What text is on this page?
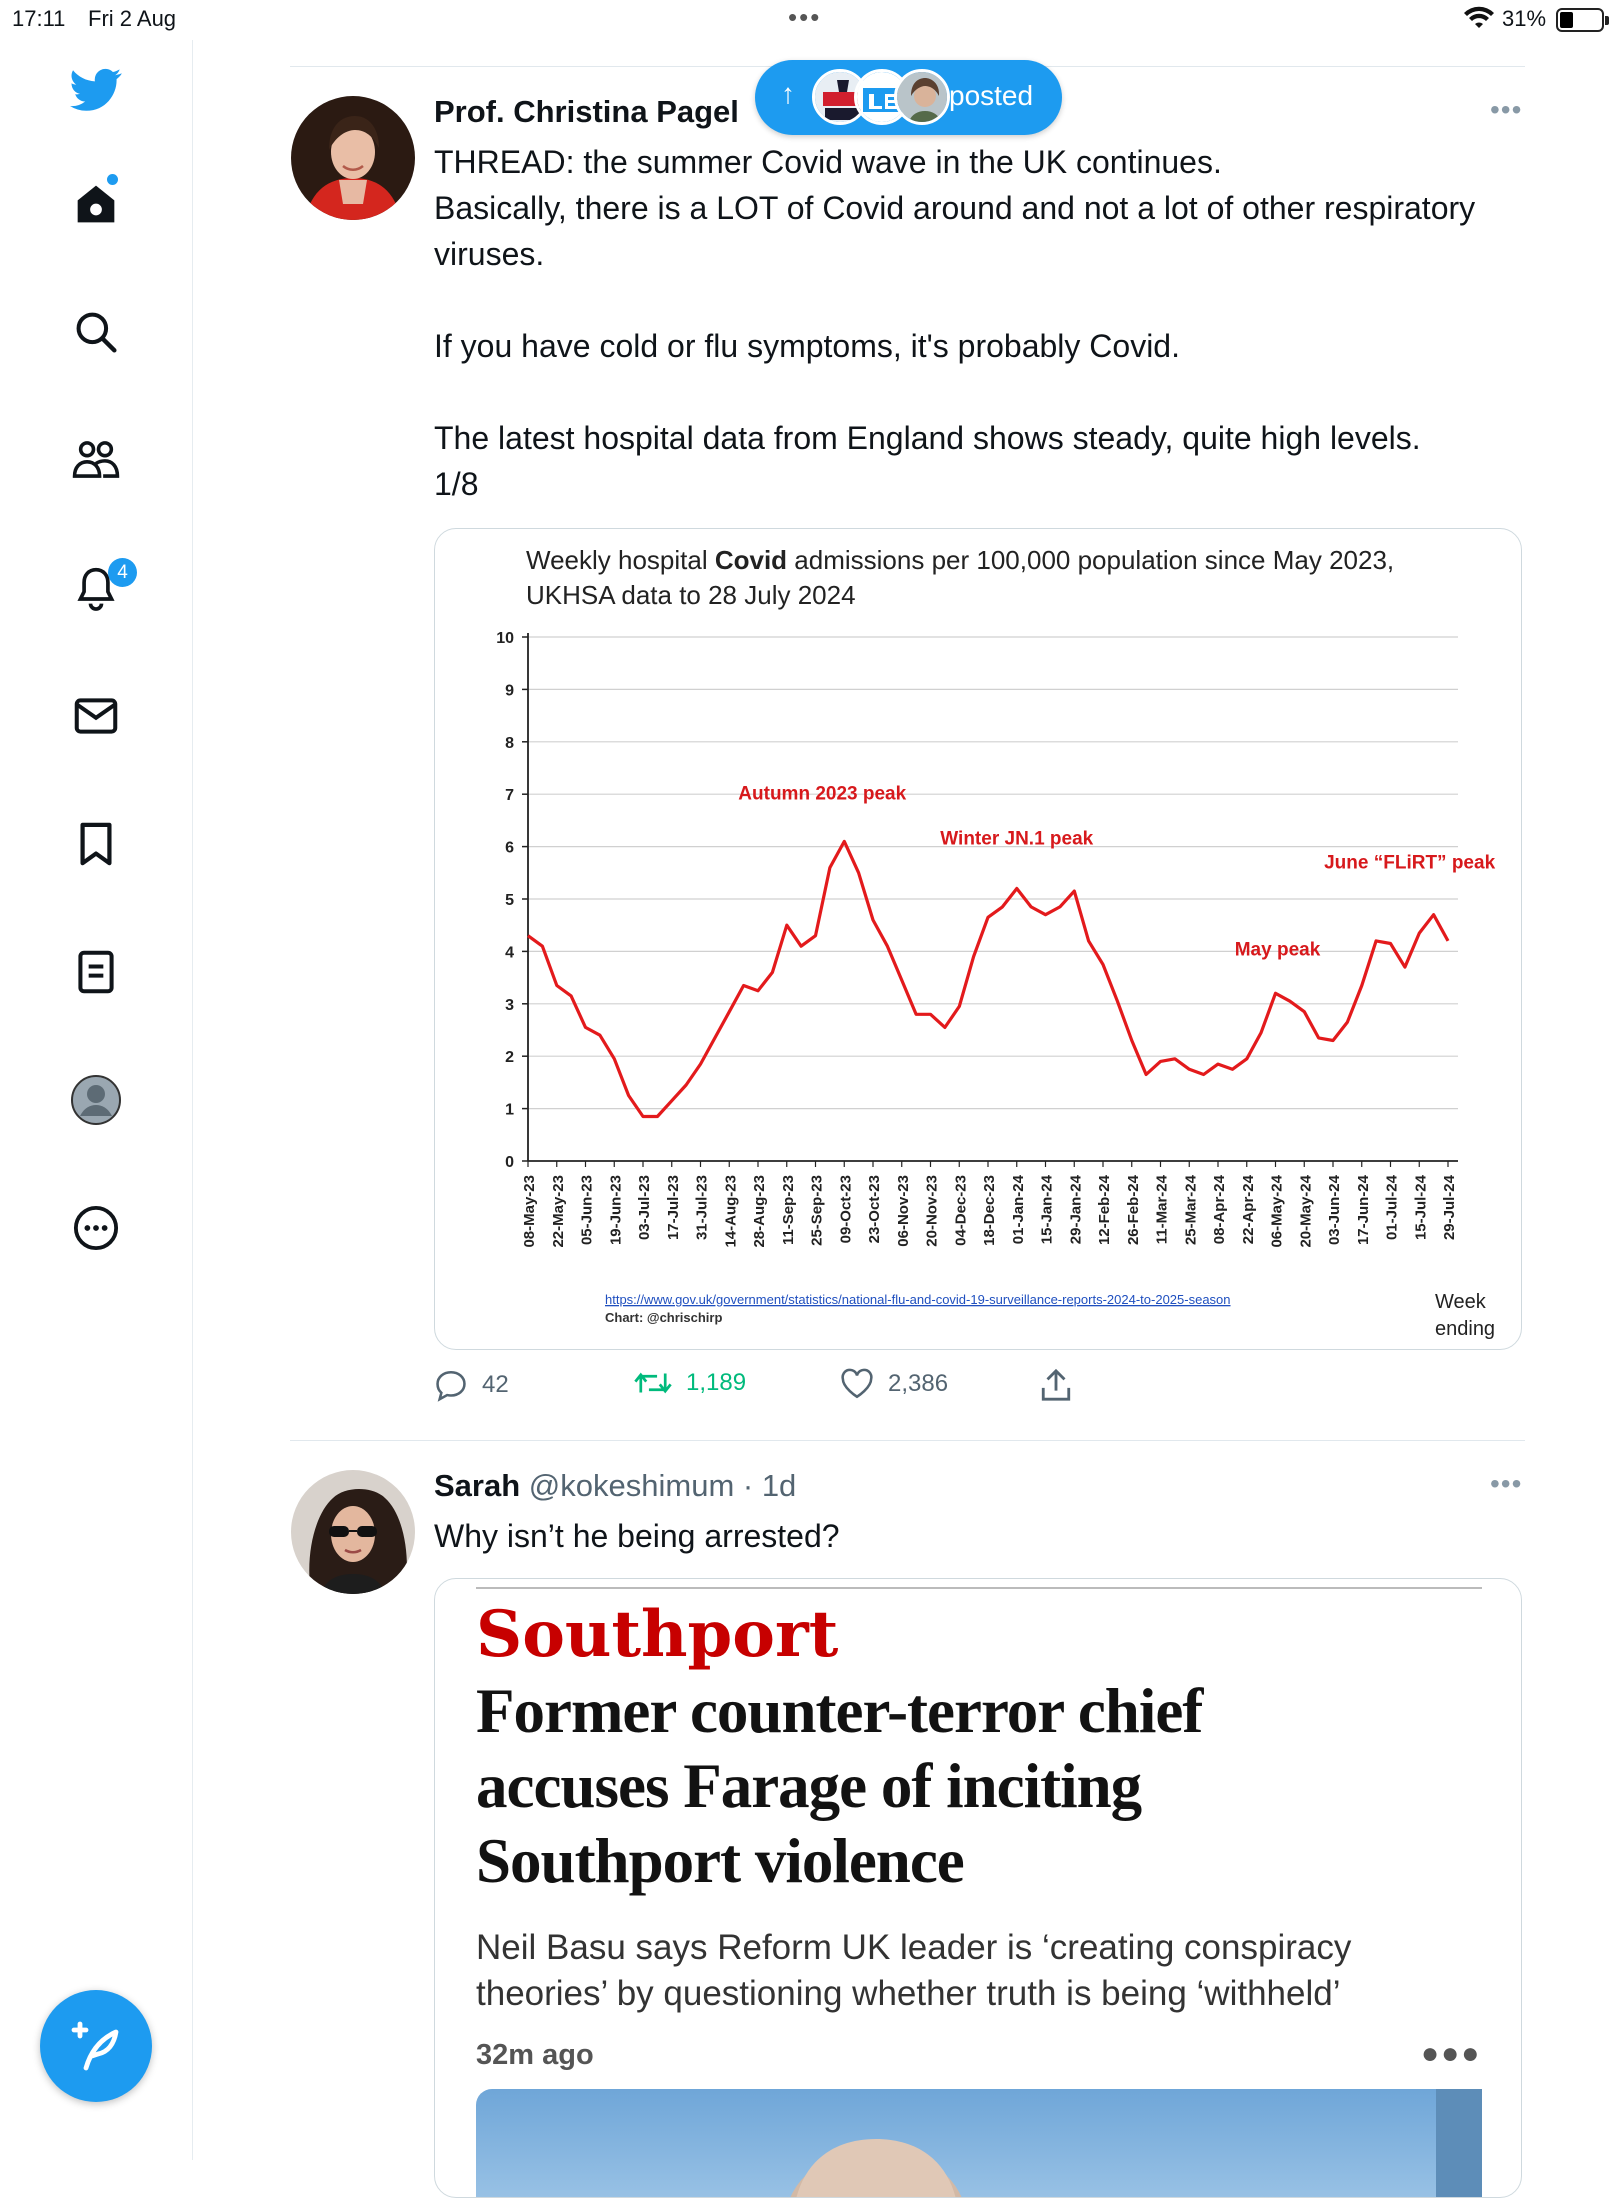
17:11 Fri 2 Aug	•••	31%
4
Prof. Christina Pagel
↑	posted	•••
THREAD: the summer Covid wave in the UK continues.
Basically, there is a LOT of Covid around and not a lot of other respiratory viruses.

If you have cold or flu symptoms, it's probably Covid.

The latest hospital data from England shows steady, quite high levels.
1/8
Weekly hospital Covid admissions per 100,000 population since May 2023,
UKHSA data to 28 July 2024
0
1
2
3
4
5
6
7
8
9
10
08-May-23 22-May-23 05-Jun-23 19-Jun-23 03-Jul-23 17-Jul-23 31-Jul-23 14-Aug-23 28-Aug-23 11-Sep-23 25-Sep-23 09-Oct-23 23-Oct-23 06-Nov-23 20-Nov-23 04-Dec-23 18-Dec-23 01-Jan-24 15-Jan-24 29-Jan-24 12-Feb-24 26-Feb-24 11-Mar-24 25-Mar-24 08-Apr-24 22-Apr-24 06-May-24 20-May-24 03-Jun-24 17-Jun-24 01-Jul-24 15-Jul-24 29-Jul-24
Autumn 2023 peak
Winter JN.1 peak
May peak
June “FLiRT” peak
Week
ending
https://www.gov.uk/government/statistics/national-flu-and-covid-19-surveillance-reports-2024-to-2025-season
Chart: @chrischirp
42	1,189	2,386
Sarah @kokeshimum · 1d	•••
Why isn’t he being arrested?
Southport
Former counter-terror chief accuses Farage of inciting Southport violence
Neil Basu says Reform UK leader is ‘creating conspiracy theories’ by questioning whether truth is being ‘withheld’
32m ago	●●●
